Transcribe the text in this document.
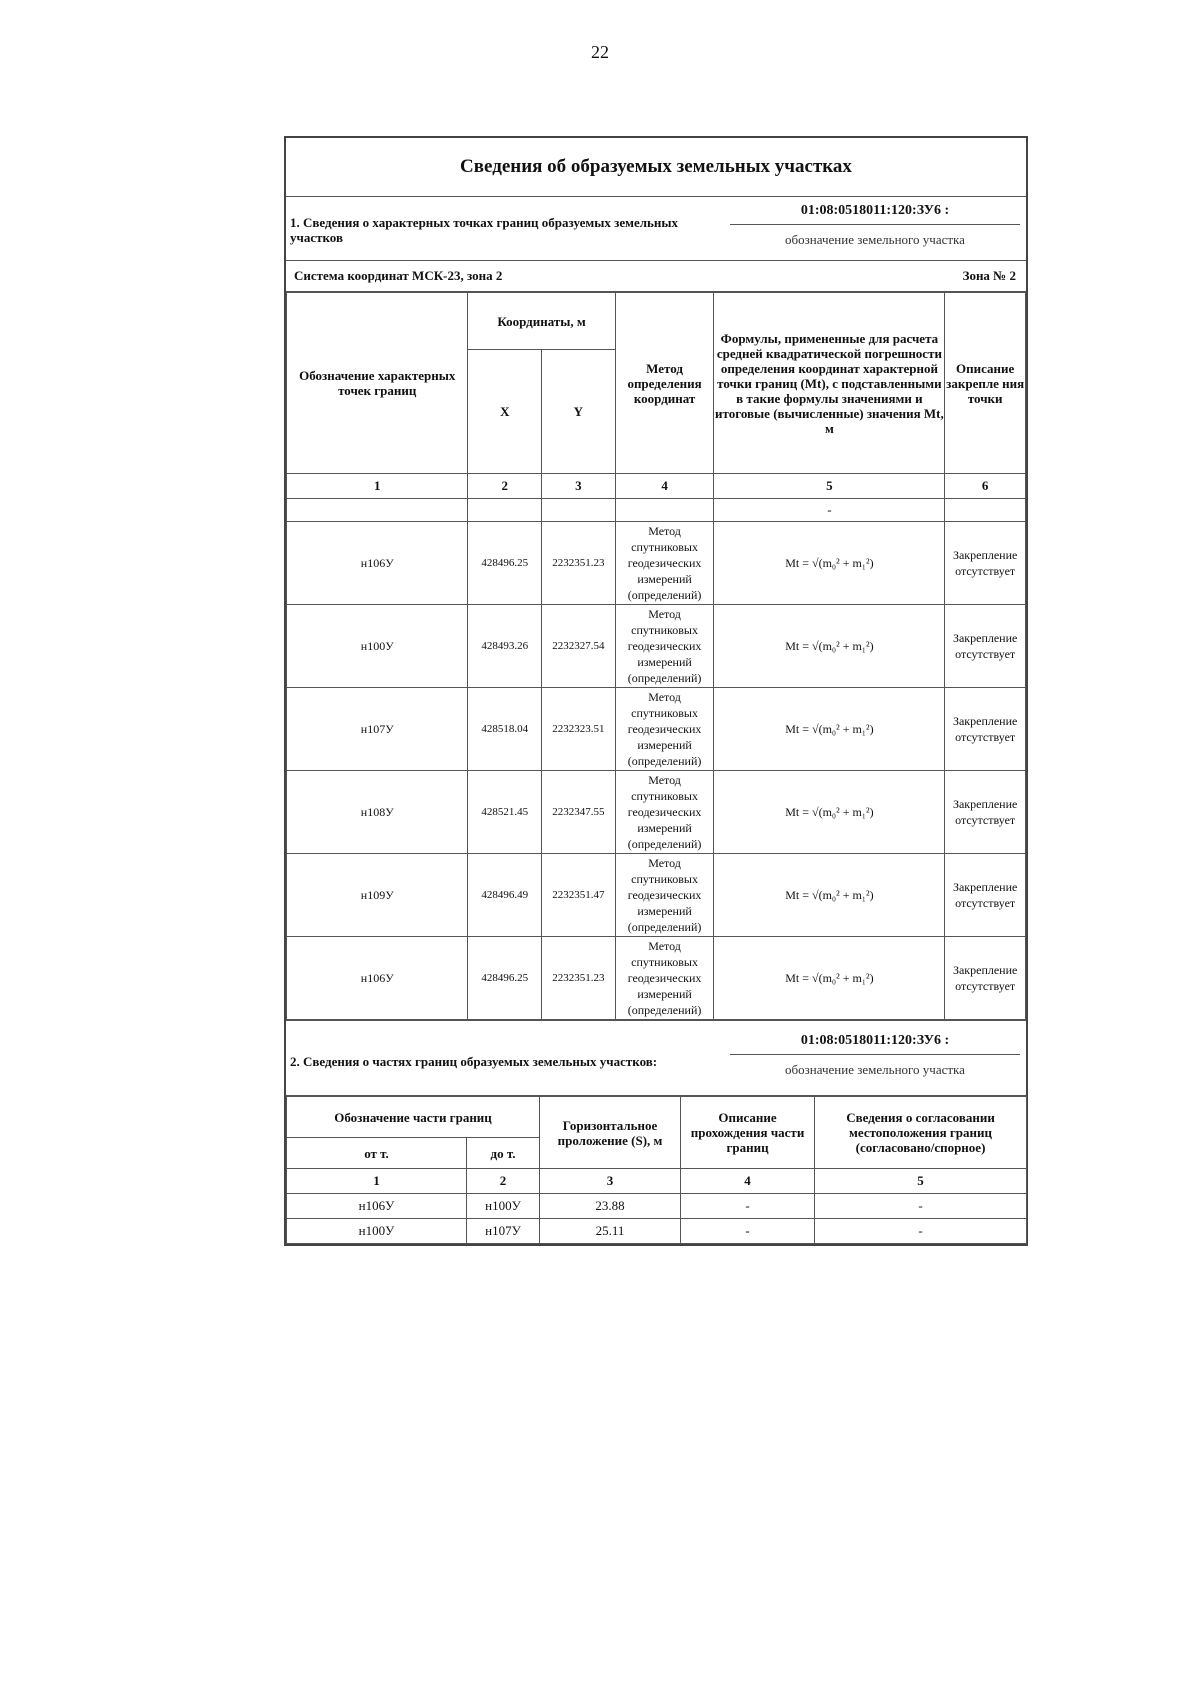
22
Сведения об образуемых земельных участках
1. Сведения о характерных точках границ образуемых земельных участков
01:08:0518011:120:ЗУ6 :
обозначение земельного участка
Система координат МСК-23, зона 2	Зона № 2
Обозначение характерных точек границ	Координаты, м		Метод определения координат	Формулы, примененные для расчета средней квадратической погрешности определения координат характерной точки границ (Mt), с подставленными в такие формулы значениями и итоговые (вычисленные) значения Mt, м	Описание закрепле ния точки
	X	Y			
1	2	3	4	5	6
				-	
н106У	428496.25	2232351.23	Метод спутниковых геодезических измерений (определений)	Mt = √(m₀² + m₁²)	Закрепление отсутствует
н100У	428493.26	2232327.54	Метод спутниковых геодезических измерений (определений)	Mt = √(m₀² + m₁²)	Закрепление отсутствует
н107У	428518.04	2232323.51	Метод спутниковых геодезических измерений (определений)	Mt = √(m₀² + m₁²)	Закрепление отсутствует
н108У	428521.45	2232347.55	Метод спутниковых геодезических измерений (определений)	Mt = √(m₀² + m₁²)	Закрепление отсутствует
н109У	428496.49	2232351.47	Метод спутниковых геодезических измерений (определений)	Mt = √(m₀² + m₁²)	Закрепление отсутствует
н106У	428496.25	2232351.23	Метод спутниковых геодезических измерений (определений)	Mt = √(m₀² + m₁²)	Закрепление отсутствует
2. Сведения о частях границ образуемых земельных участков:
01:08:0518011:120:ЗУ6 :
обозначение земельного участка
Обозначение части границ		Горизонтальное проложение (S), м	Описание прохождения части границ	Сведения о согласовании местоположения границ (согласовано/спорное)
от т.	до т.			
1	2	3	4	5
н106У	н100У	23.88	-	-
н100У	н107У	25.11	-	-
